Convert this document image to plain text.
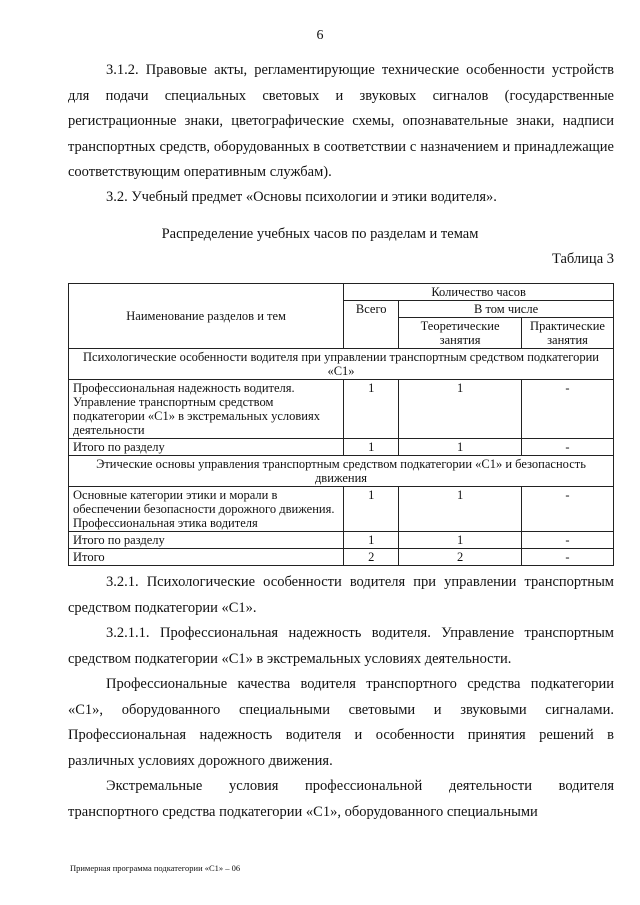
6

3.1.2. Правовые акты, регламентирующие технические особенности устройств для подачи специальных световых и звуковых сигналов (государственные регистрационные знаки, цветографические схемы, опознавательные знаки, надписи транспортных средств, оборудованных в соответствии с назначением и принадлежащие соответствующим оперативным службам).

3.2. Учебный предмет «Основы психологии и этики водителя».

Распределение учебных часов по разделам и темам
Таблица 3
Наименование разделов и тем	Количество часов		
	Всего	В том числе	
		Теоретические занятия	Практические занятия
Психологические особенности водителя при управлении транспортным средством подкатегории «С1»			
Профессиональная надежность водителя. Управление транспортным средством подкатегории «С1» в экстремальных условиях деятельности	1	1	-
Итого по разделу	1	1	-
Этические основы управления транспортным средством подкатегории «С1» и безопасность движения			
Основные категории этики и морали в обеспечении безопасности дорожного движения. Профессиональная этика водителя	1	1	-
Итого по разделу	1	1	-
Итого	2	2	-

3.2.1. Психологические особенности водителя при управлении транспортным средством подкатегории «С1».

3.2.1.1. Профессиональная надежность водителя. Управление транспортным средством подкатегории «С1» в экстремальных условиях деятельности.

Профессиональные качества водителя транспортного средства подкатегории «С1», оборудованного специальными световыми и звуковыми сигналами. Профессиональная надежность водителя и особенности принятия решений в различных условиях дорожного движения.

Экстремальные условия профессиональной деятельности водителя транспортного средства подкатегории «С1», оборудованного специальными

Примерная программа подкатегории «С1» – 06
